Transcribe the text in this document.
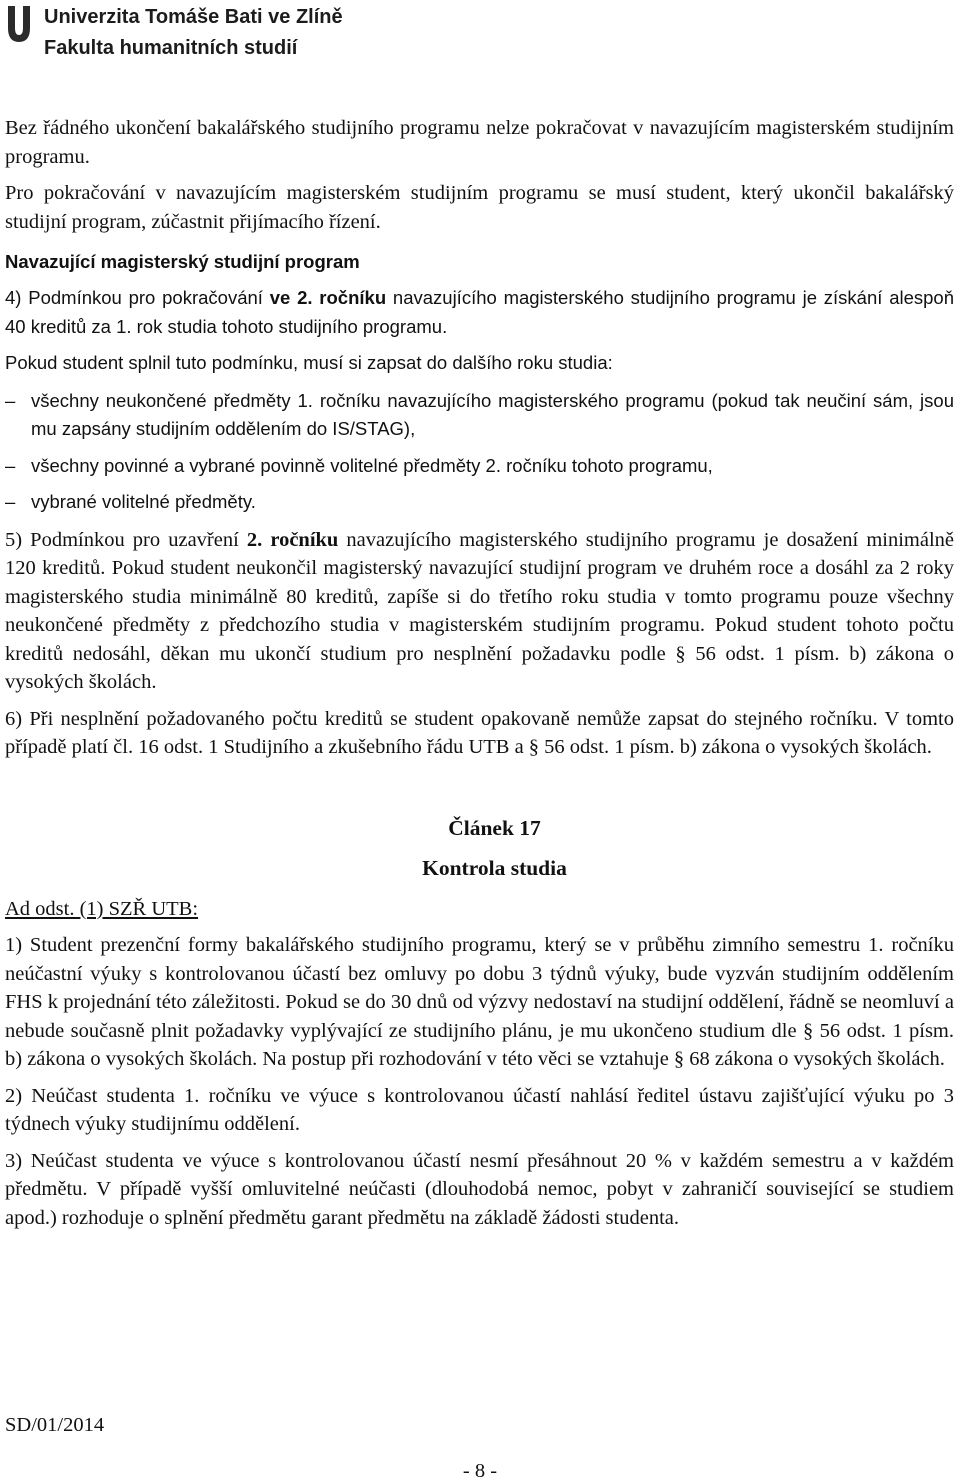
Univerzita Tomáše Bati ve Zlíně
Fakulta humanitních studií

Bez řádného ukončení bakalářského studijního programu nelze pokračovat v navazujícím magisterském studijním programu.

Pro pokračování v navazujícím magisterském studijním programu se musí student, který ukončil bakalářský studijní program, zúčastnit přijímacího řízení.

Navazující magisterský studijní program

4) Podmínkou pro pokračování ve 2. ročníku navazujícího magisterského studijního programu je získání alespoň 40 kreditů za 1. rok studia tohoto studijního programu.

Pokud student splnil tuto podmínku, musí si zapsat do dalšího roku studia:

– všechny neukončené předměty 1. ročníku navazujícího magisterského programu (pokud tak neučiní sám, jsou mu zapsány studijním oddělením do IS/STAG),

– všechny povinné a vybrané povinně volitelné předměty 2. ročníku tohoto programu,

– vybrané volitelné předměty.

5) Podmínkou pro uzavření 2. ročníku navazujícího magisterského studijního programu je dosažení minimálně 120 kreditů. Pokud student neukončil magisterský navazující studijní program ve druhém roce a dosáhl za 2 roky magisterského studia minimálně 80 kreditů, zapíše si do třetího roku studia v tomto programu pouze všechny neukončené předměty z předchozího studia v magisterském studijním programu. Pokud student tohoto počtu kreditů nedosáhl, děkan mu ukončí studium pro nesplnění požadavku podle § 56 odst. 1 písm. b) zákona o vysokých školách.

6) Při nesplnění požadovaného počtu kreditů se student opakovaně nemůže zapsat do stejného ročníku. V tomto případě platí čl. 16 odst. 1 Studijního a zkušebního řádu UTB a § 56 odst. 1 písm. b) zákona o vysokých školách.

Článek 17
Kontrola studia

Ad odst. (1) SZŘ UTB:

1) Student prezenční formy bakalářského studijního programu, který se v průběhu zimního semestru 1. ročníku neúčastní výuky s kontrolovanou účastí bez omluvy po dobu 3 týdnů výuky, bude vyzván studijním oddělením FHS k projednání této záležitosti. Pokud se do 30 dnů od výzvy nedostaví na studijní oddělení, řádně se neomluví a nebude současně plnit požadavky vyplývající ze studijního plánu, je mu ukončeno studium dle § 56 odst. 1 písm. b) zákona o vysokých školách. Na postup při rozhodování v této věci se vztahuje § 68 zákona o vysokých školách.

2) Neúčast studenta 1. ročníku ve výuce s kontrolovanou účastí nahlásí ředitel ústavu zajišťující výuku po 3 týdnech výuky studijnímu oddělení.

3) Neúčast studenta ve výuce s kontrolovanou účastí nesmí přesáhnout 20 % v každém semestru a v každém předmětu. V případě vyšší omluvitelné neúčasti (dlouhodobá nemoc, pobyt v zahraničí související se studiem apod.) rozhoduje o splnění předmětu garant předmětu na základě žádosti studenta.

SD/01/2014
- 8 -
